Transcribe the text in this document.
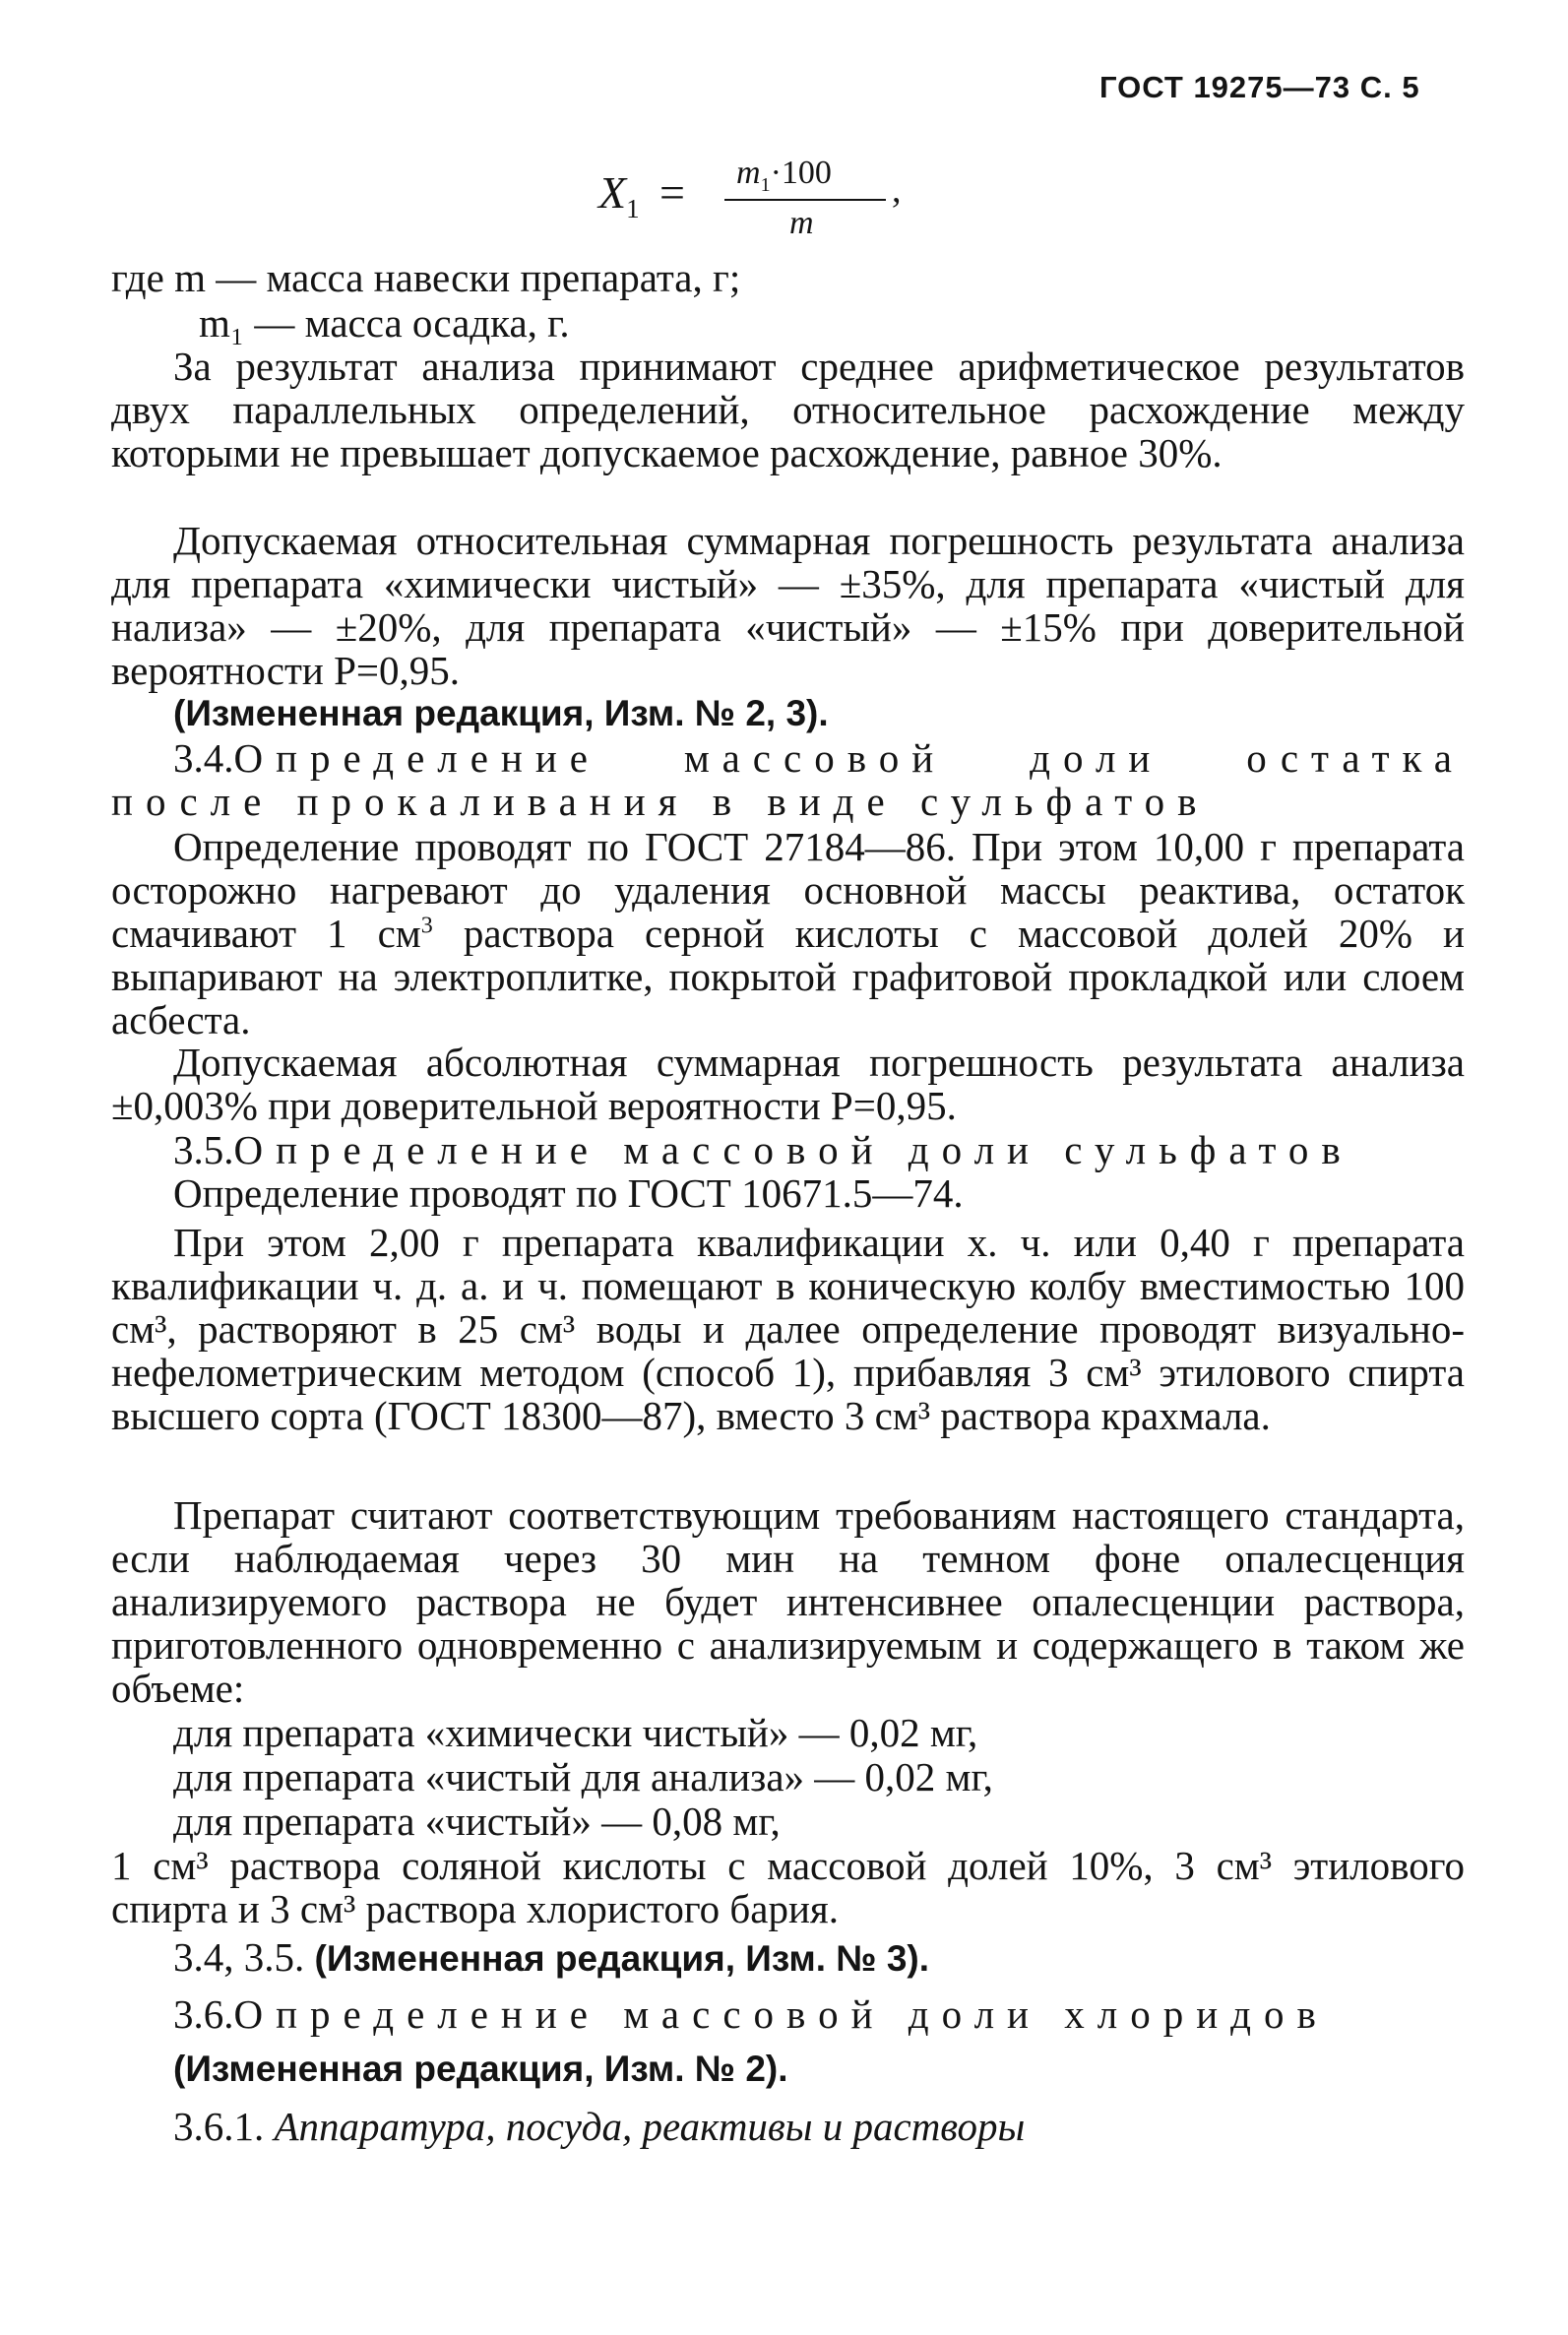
ГОСТ 19275—73 С. 5
$X_1 = m_1\cdot 100$
m
,
где m — масса навески препарата, г;
m₁ — масса осадка, г.
За результат анализа принимают среднее арифметическое результатов двух параллельных определений, относительное расхождение между которыми не превышает допускаемое расхождение, равное 30%.
Допускаемая относительная суммарная погрешность результата анализа для препарата «химически чистый» — ±35%, для препарата «чистый для нализа» — ±20%, для препарата «чистый» — ±15% при доверительной вероятности P=0,95.
(Измененная редакция, Изм. № 2, 3).
3.4.Определение массовой доли остатка после прокаливания в виде сульфатов
Определение проводят по ГОСТ 27184—86. При этом 10,00 г препарата осторожно нагревают до удаления основной массы реактива, остаток смачивают 1 $см^3$ раствора серной кислоты с массовой долей 20% и выпаривают на электроплитке, покрытой графитовой прокладкой или слоем асбеста.
Допускаемая абсолютная суммарная погрешность результата анализа ±0,003% при доверительной вероятности P=0,95.
3.5.Определение массовой доли сульфатов
Определение проводят по ГОСТ 10671.5—74.
При этом 2,00 г препарата квалификации х. ч. или 0,40 г препарата квалификации ч. д. а. и ч. помещают в коническую колбу вместимостью 100 см³, растворяют в 25 см³ воды и далее определение проводят визуально-нефелометрическим методом (способ 1), прибавляя 3 см³ этилового спирта высшего сорта (ГОСТ 18300—87), вместо 3 см³ раствора крахмала.
Препарат считают соответствующим требованиям настоящего стандарта, если наблюдаемая через 30 мин на темном фоне опалесценция анализируемого раствора не будет интенсивнее опалесценции раствора, приготовленного одновременно с анализируемым и содержащего в таком же объеме:
для препарата «химически чистый» — 0,02 мг,
для препарата «чистый для анализа» — 0,02 мг,
для препарата «чистый» — 0,08 мг,
1 см³ раствора соляной кислоты с массовой долей 10%, 3 см³ этилового спирта и 3 см³ раствора хлористого бария.
3.4, 3.5. (Измененная редакция, Изм. № 3).
3.6.Определение массовой доли хлоридов
(Измененная редакция, Изм. № 2).
3.6.1. Аппаратура, посуда, реактивы и растворы
